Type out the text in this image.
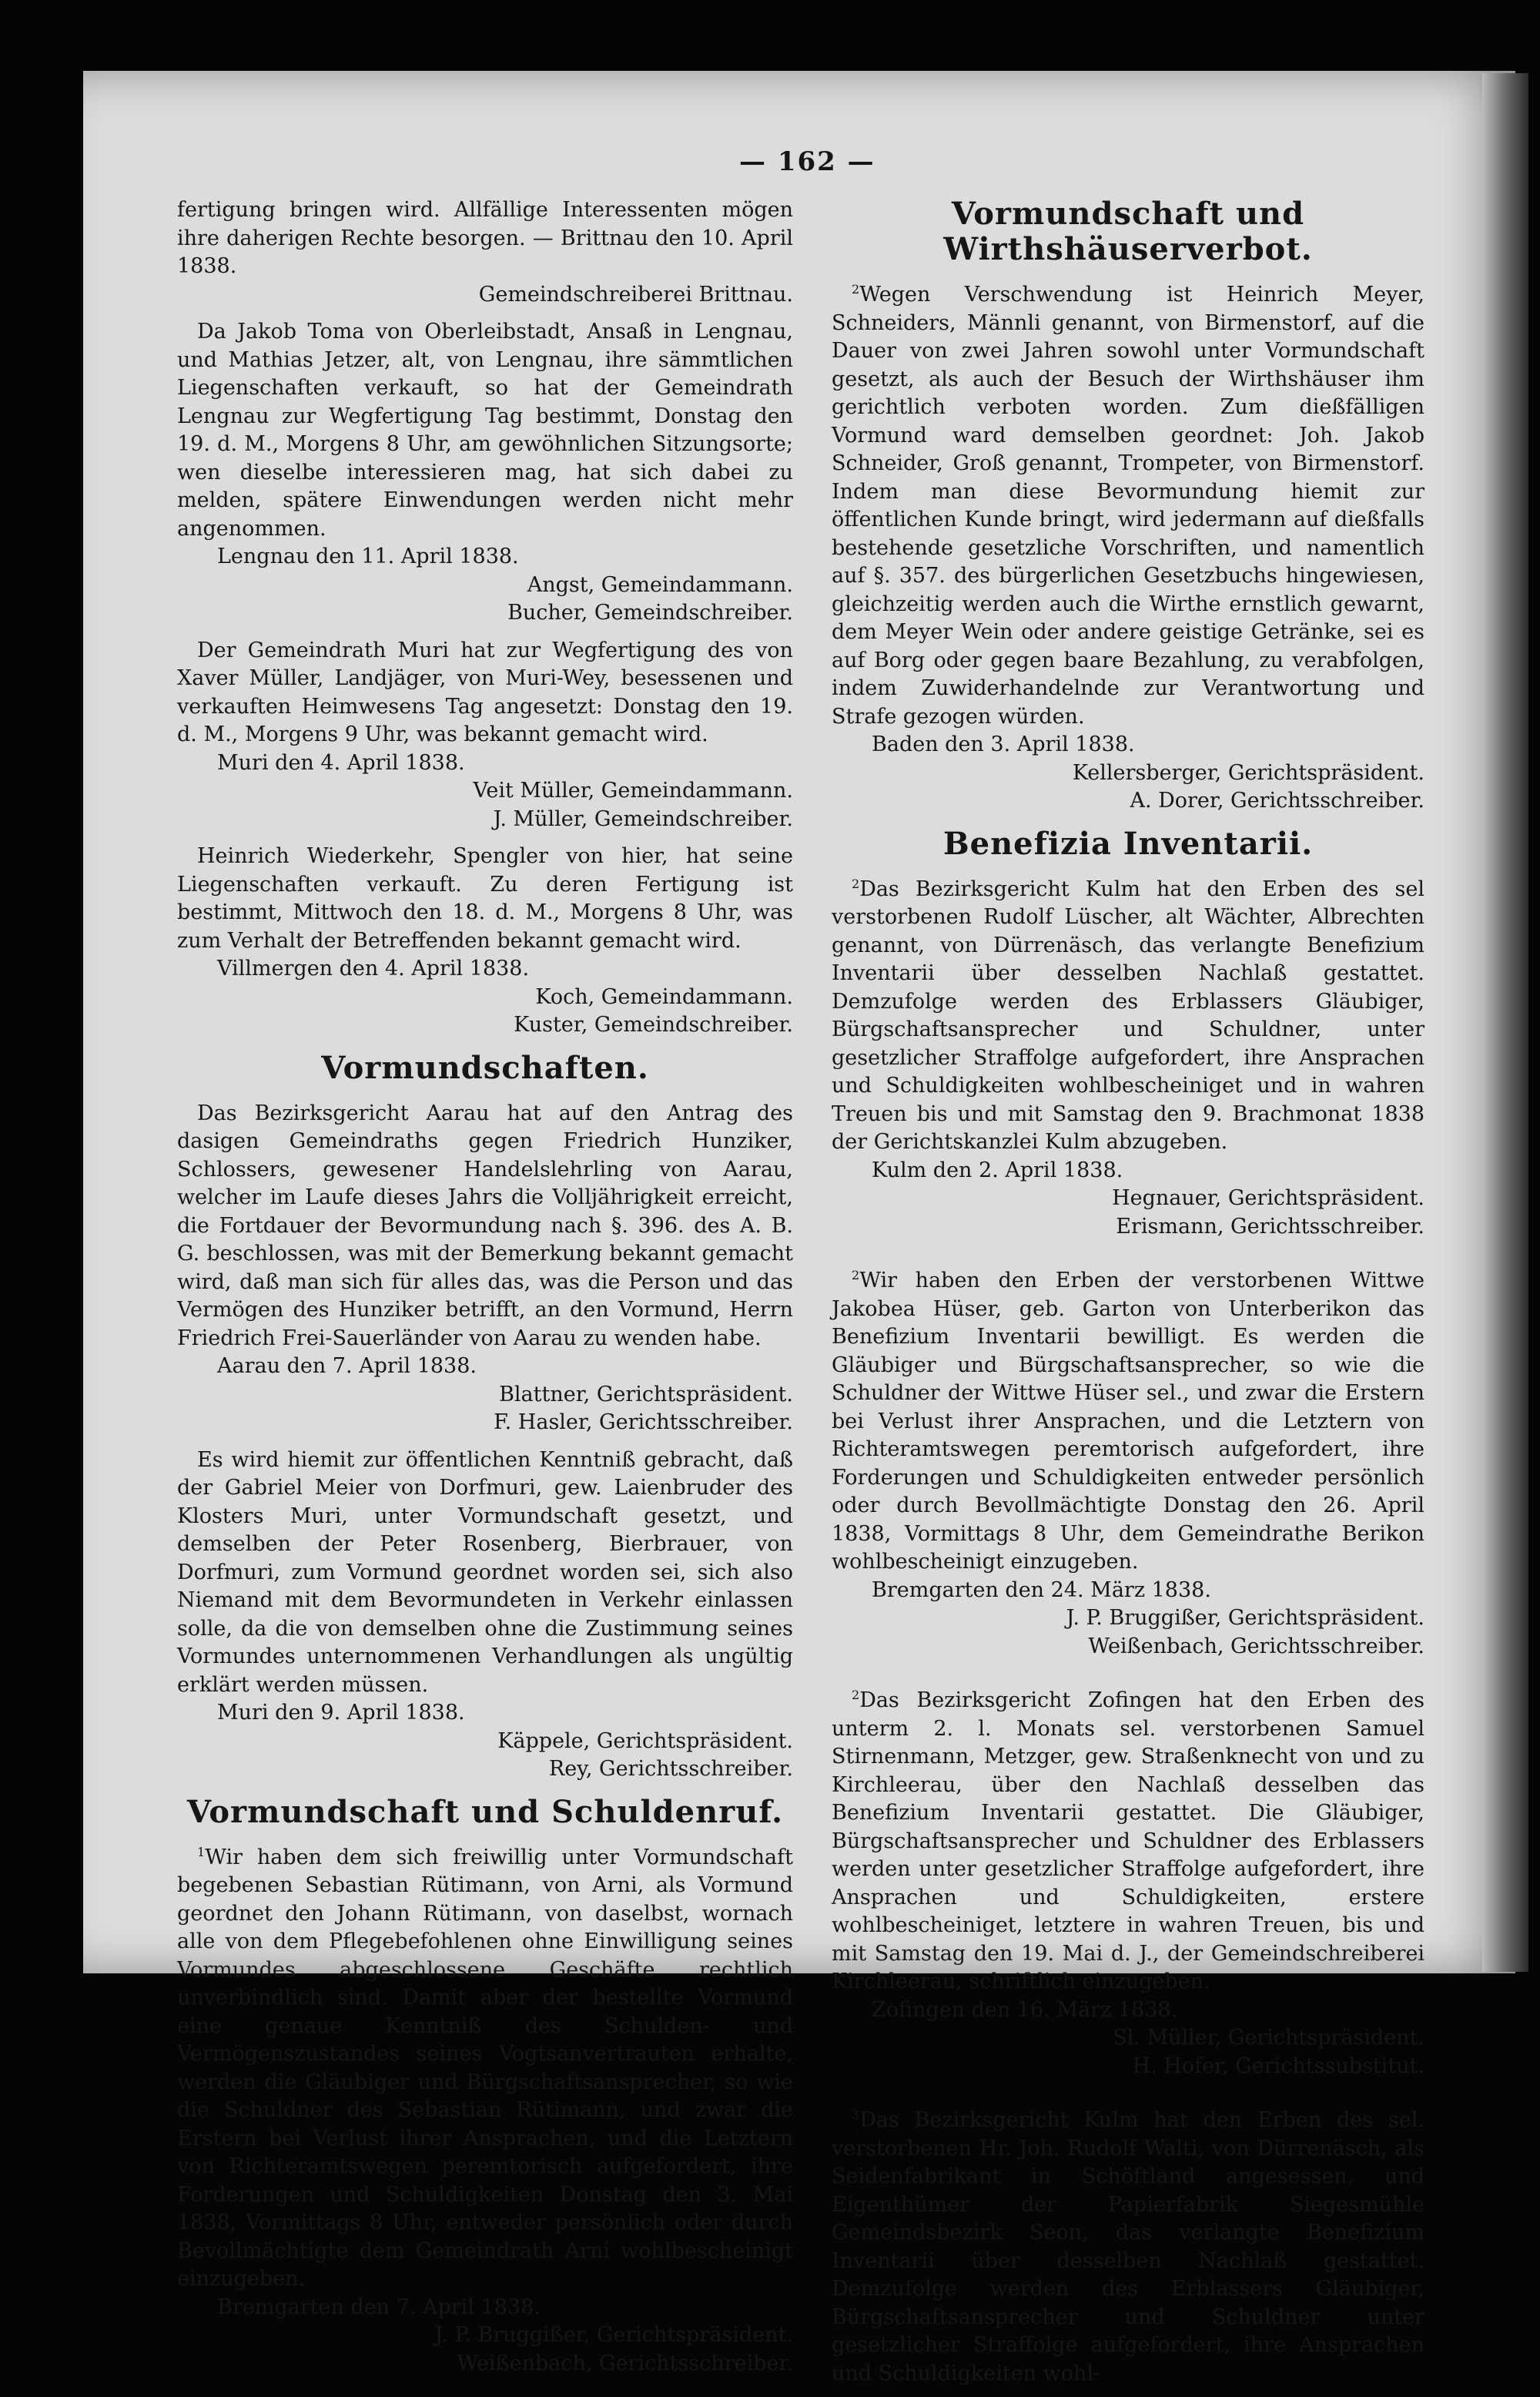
— 162 —

fertigung bringen wird. Allfällige Interessenten mögen ihre daherigen Rechte besorgen. — Brittnau den 10. April 1838.

Gemeindschreiberei Brittnau.

Da Jakob Toma von Oberleibstadt, Ansaß in Lengnau, und Mathias Jetzer, alt, von Lengnau, ihre sämmtlichen Liegenschaften verkauft, so hat der Gemeindrath Lengnau zur Wegfertigung Tag bestimmt, Donstag den 19. d. M., Morgens 8 Uhr, am gewöhnlichen Sitzungsorte; wen dieselbe interessieren mag, hat sich dabei zu melden, spätere Einwendungen werden nicht mehr angenommen.

Lengnau den 11. April 1838.

Angst, Gemeindammann.

Bucher, Gemeindschreiber.

Der Gemeindrath Muri hat zur Wegfertigung des von Xaver Müller, Landjäger, von Muri-Wey, besessenen und verkauften Heimwesens Tag angesetzt: Donstag den 19. d. M., Morgens 9 Uhr, was bekannt gemacht wird.

Muri den 4. April 1838.

Veit Müller, Gemeindammann.

J. Müller, Gemeindschreiber.

Heinrich Wiederkehr, Spengler von hier, hat seine Liegenschaften verkauft. Zu deren Fertigung ist bestimmt, Mittwoch den 18. d. M., Morgens 8 Uhr, was zum Verhalt der Betreffenden bekannt gemacht wird.

Villmergen den 4. April 1838.

Koch, Gemeindammann.

Kuster, Gemeindschreiber.

Vormundschaften.

Das Bezirksgericht Aarau hat auf den Antrag des dasigen Gemeindraths gegen Friedrich Hunziker, Schlossers, gewesener Handelslehrling von Aarau, welcher im Laufe dieses Jahrs die Volljährigkeit erreicht, die Fortdauer der Bevormundung nach §. 396. des A. B. G. beschlossen, was mit der Bemerkung bekannt gemacht wird, daß man sich für alles das, was die Person und das Vermögen des Hunziker betrifft, an den Vormund, Herrn Friedrich Frei-Sauerländer von Aarau zu wenden habe.

Aarau den 7. April 1838.

Blattner, Gerichtspräsident.

F. Hasler, Gerichtsschreiber.

Es wird hiemit zur öffentlichen Kenntniß gebracht, daß der Gabriel Meier von Dorfmuri, gew. Laienbruder des Klosters Muri, unter Vormundschaft gesetzt, und demselben der Peter Rosenberg, Bierbrauer, von Dorfmuri, zum Vormund geordnet worden sei, sich also Niemand mit dem Bevormundeten in Verkehr einlassen solle, da die von demselben ohne die Zustimmung seines Vormundes unternommenen Verhandlungen als ungültig erklärt werden müssen.

Muri den 9. April 1838.

Käppele, Gerichtspräsident.

Rey, Gerichtsschreiber.

Vormundschaft und Schuldenruf.

$^1$Wir haben dem sich freiwillig unter Vormundschaft begebenen Sebastian Rütimann, von Arni, als Vormund geordnet den Johann Rütimann, von daselbst, wornach alle von dem Pflegebefohlenen ohne Einwilligung seines Vormundes abgeschlossene Geschäfte rechtlich unverbindlich sind. Damit aber der bestellte Vormund eine genaue Kenntniß des Schulden- und Vermögenszustandes seines Vogtsanvertrauten erhalte, werden die Gläubiger und Bürgschaftsansprecher, so wie die Schuldner des Sebastian Rütimann, und zwar die Erstern bei Verlust ihrer Ansprachen, und die Letztern von Richteramtswegen peremtorisch aufgefordert, ihre Forderungen und Schuldigkeiten Donstag den 3. Mai 1838, Vormittags 8 Uhr, entweder persönlich oder durch Bevollmächtigte dem Gemeindrath Arni wohlbescheinigt einzugeben.

Bremgarten den 7. April 1838.

J. P. Bruggißer, Gerichtspräsident.

Weißenbach, Gerichtsschreiber.

Vormundschaft und Wirthshäuserverbot.

$^2$Wegen Verschwendung ist Heinrich Meyer, Schneiders, Männli genannt, von Birmenstorf, auf die Dauer von zwei Jahren sowohl unter Vormundschaft gesetzt, als auch der Besuch der Wirthshäuser ihm gerichtlich verboten worden. Zum dießfälligen Vormund ward demselben geordnet: Joh. Jakob Schneider, Groß genannt, Trompeter, von Birmenstorf. Indem man diese Bevormundung hiemit zur öffentlichen Kunde bringt, wird jedermann auf dießfalls bestehende gesetzliche Vorschriften, und namentlich auf §. 357. des bürgerlichen Gesetzbuchs hingewiesen, gleichzeitig werden auch die Wirthe ernstlich gewarnt, dem Meyer Wein oder andere geistige Getränke, sei es auf Borg oder gegen baare Bezahlung, zu verabfolgen, indem Zuwiderhandelnde zur Verantwortung und Strafe gezogen würden.

Baden den 3. April 1838.

Kellersberger, Gerichtspräsident.

A. Dorer, Gerichtsschreiber.

Benefizia Inventarii.

$^2$Das Bezirksgericht Kulm hat den Erben des sel verstorbenen Rudolf Lüscher, alt Wächter, Albrechten genannt, von Dürrenäsch, das verlangte Benefizium Inventarii über desselben Nachlaß gestattet. Demzufolge werden des Erblassers Gläubiger, Bürgschaftsansprecher und Schuldner, unter gesetzlicher Straffolge aufgefordert, ihre Ansprachen und Schuldigkeiten wohlbescheiniget und in wahren Treuen bis und mit Samstag den 9. Brachmonat 1838 der Gerichtskanzlei Kulm abzugeben.

Kulm den 2. April 1838.

Hegnauer, Gerichtspräsident.

Erismann, Gerichtsschreiber.

$^2$Wir haben den Erben der verstorbenen Wittwe Jakobea Hüser, geb. Garton von Unterberikon das Benefizium Inventarii bewilligt. Es werden die Gläubiger und Bürgschaftsansprecher, so wie die Schuldner der Wittwe Hüser sel., und zwar die Erstern bei Verlust ihrer Ansprachen, und die Letztern von Richteramtswegen peremtorisch aufgefordert, ihre Forderungen und Schuldigkeiten entweder persönlich oder durch Bevollmächtigte Donstag den 26. April 1838, Vormittags 8 Uhr, dem Gemeindrathe Berikon wohlbescheinigt einzugeben.

Bremgarten den 24. März 1838.

J. P. Bruggißer, Gerichtspräsident.

Weißenbach, Gerichtsschreiber.

$^2$Das Bezirksgericht Zofingen hat den Erben des unterm 2. l. Monats sel. verstorbenen Samuel Stirnenmann, Metzger, gew. Straßenknecht von und zu Kirchleerau, über den Nachlaß desselben das Benefizium Inventarii gestattet. Die Gläubiger, Bürgschaftsansprecher und Schuldner des Erblassers werden unter gesetzlicher Straffolge aufgefordert, ihre Ansprachen und Schuldigkeiten, erstere wohlbescheiniget, letztere in wahren Treuen, bis und mit Samstag den 19. Mai d. J., der Gemeindschreiberei Kirchleerau, schriftlich einzugeben.

Zofingen den 16. März 1838.

Sl. Müller, Gerichtspräsident.

H. Hofer, Gerichtssubstitut.

$^3$Das Bezirksgericht Kulm hat den Erben des sel. verstorbenen Hr. Joh. Rudolf Walti, von Dürrenäsch, als Seidenfabrikant in Schöftland angesessen, und Eigenthümer der Papierfabrik Siegesmühle Gemeindsbezirk Seon, das verlangte Benefizium Inventarii über desselben Nachlaß gestattet. Demzufolge werden des Erblassers Gläubiger, Bürgschaftsansprecher und Schuldner unter gesetzlicher Straffolge aufgefordert, ihre Ansprachen und Schuldigkeiten wohl-
